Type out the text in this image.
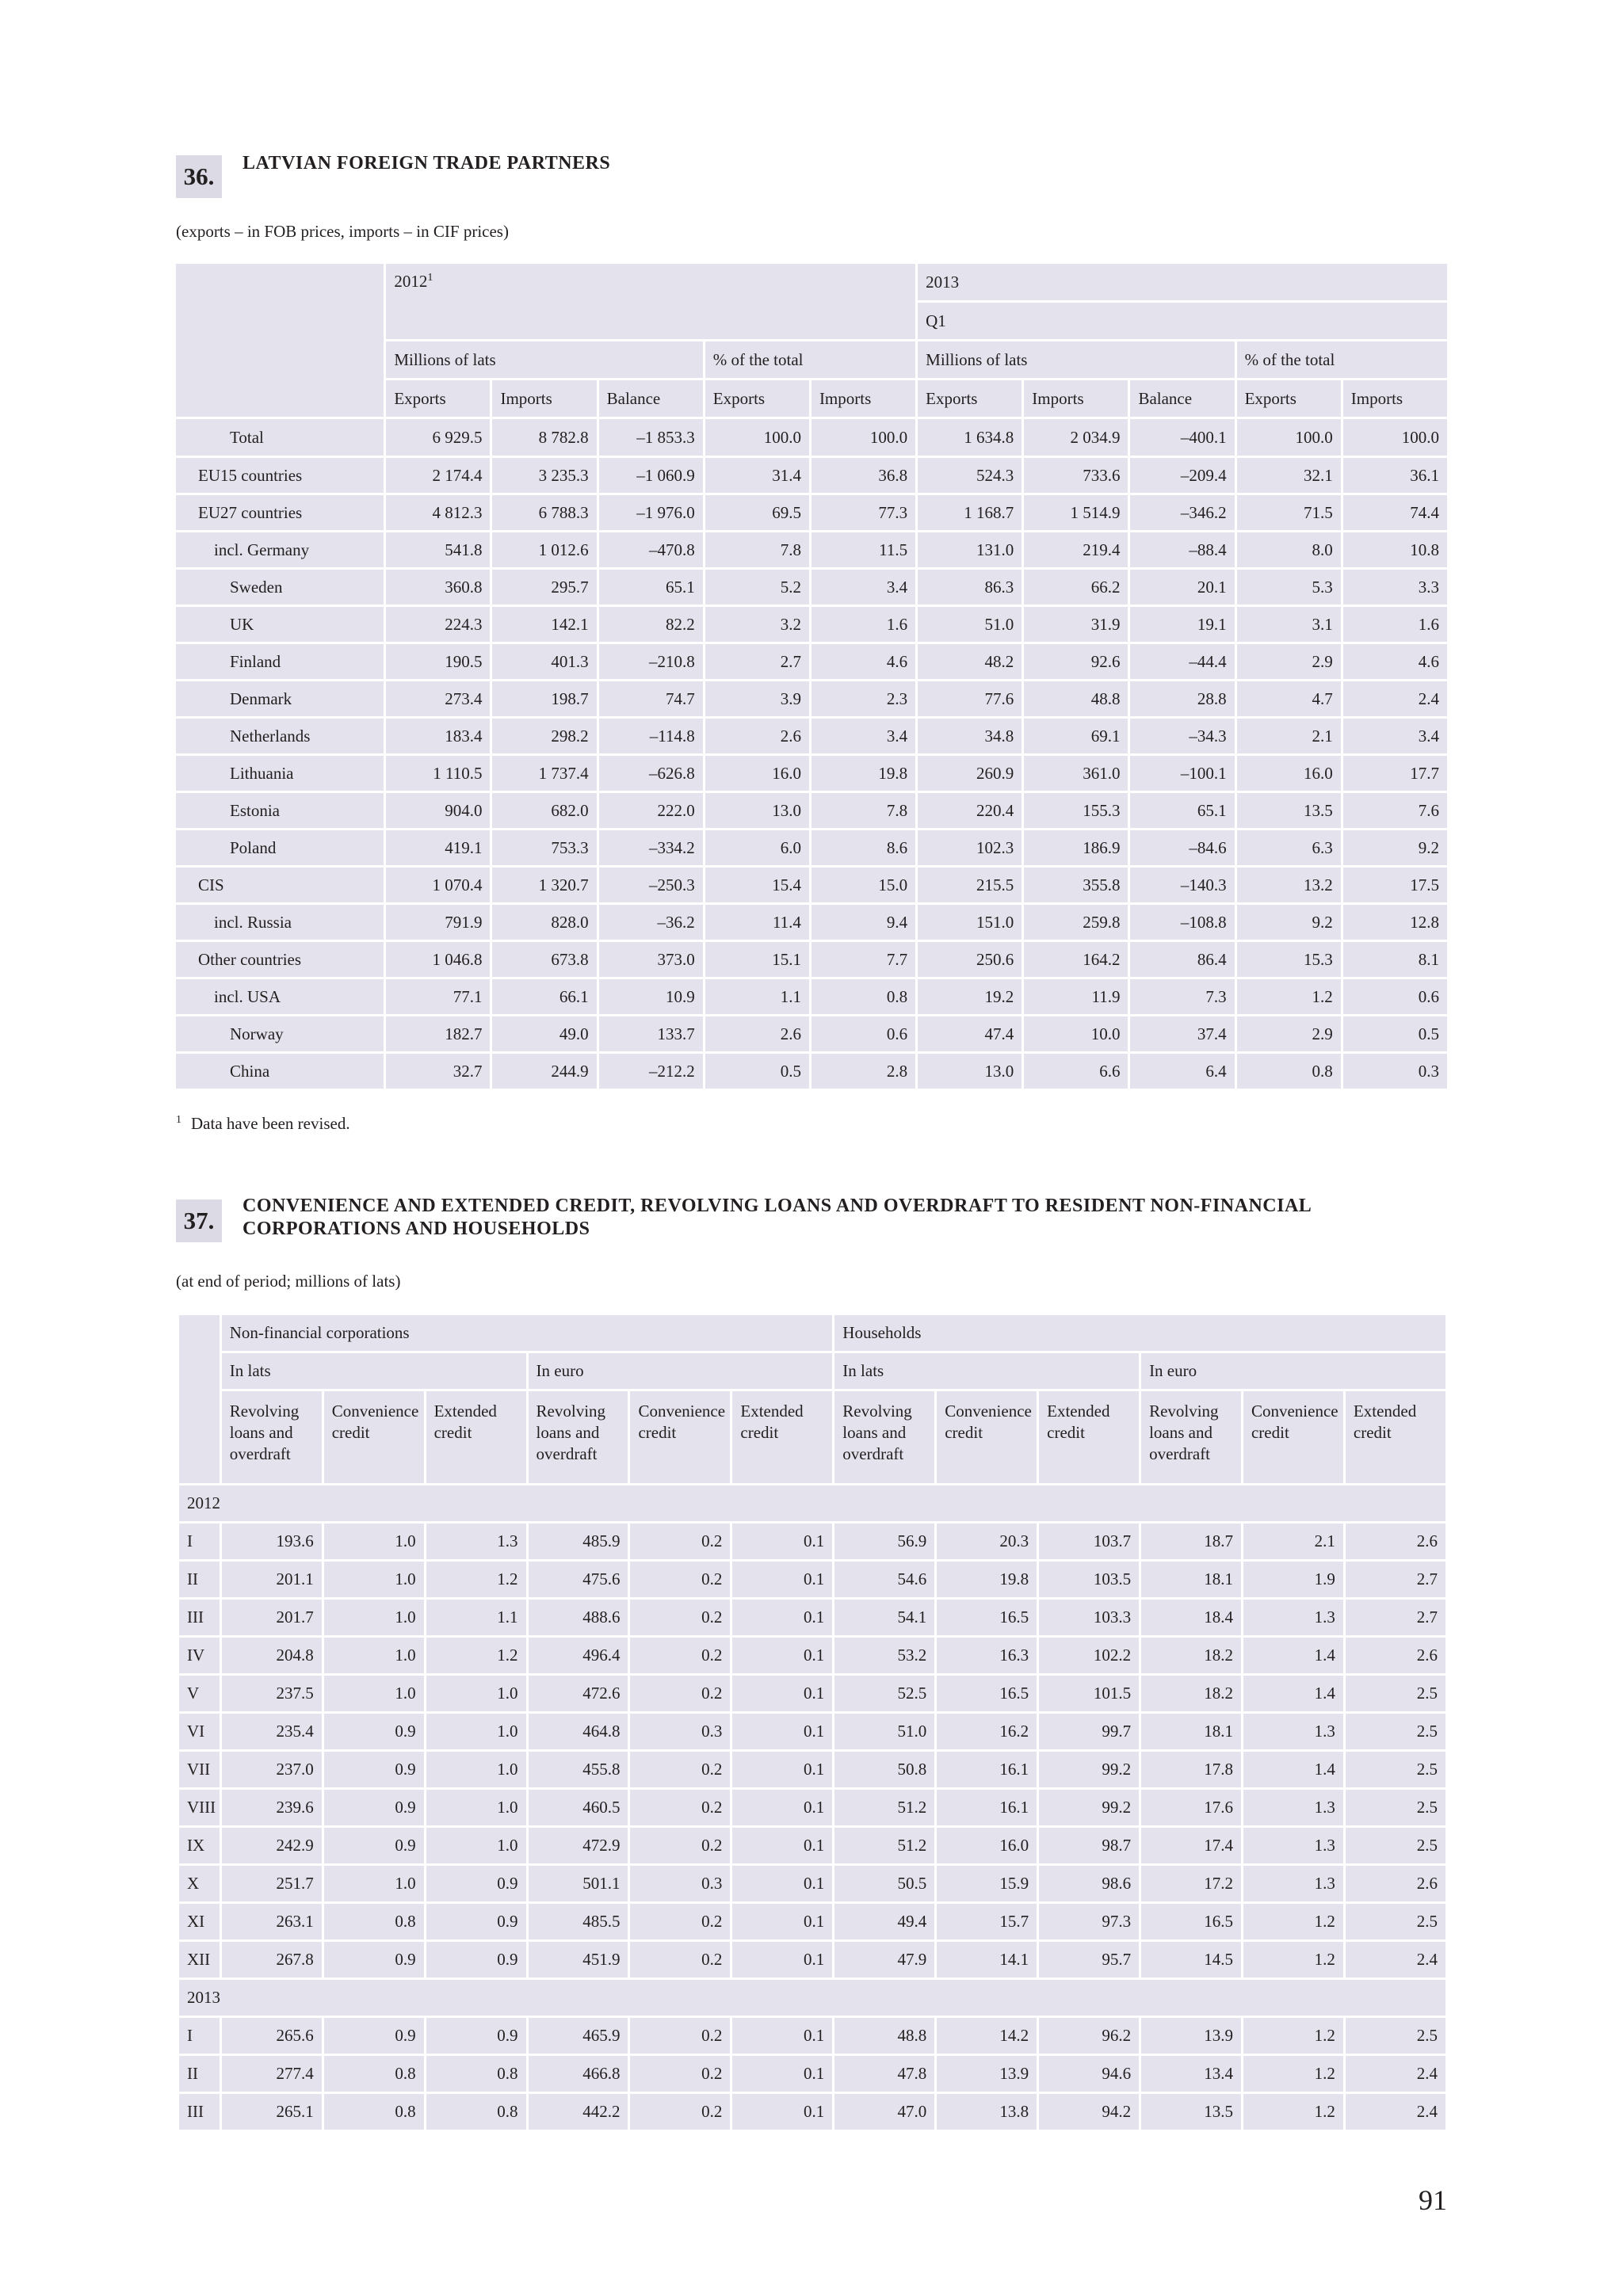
36.	LATVIAN FOREIGN TRADE PARTNERS
(exports – in FOB prices, imports – in CIF prices)
	2012$^1$					2013				
						Q1				
	Millions of lats			% of the total		Millions of lats			% of the total	
	Exports	Imports	Balance	Exports	Imports	Exports	Imports	Balance	Exports	Imports
Total	6 929.5	8 782.8	–1 853.3	100.0	100.0	1 634.8	2 034.9	–400.1	100.0	100.0
EU15 countries	2 174.4	3 235.3	–1 060.9	31.4	36.8	524.3	733.6	–209.4	32.1	36.1
EU27 countries	4 812.3	6 788.3	–1 976.0	69.5	77.3	1 168.7	1 514.9	–346.2	71.5	74.4
incl. Germany	541.8	1 012.6	–470.8	7.8	11.5	131.0	219.4	–88.4	8.0	10.8
Sweden	360.8	295.7	65.1	5.2	3.4	86.3	66.2	20.1	5.3	3.3
UK	224.3	142.1	82.2	3.2	1.6	51.0	31.9	19.1	3.1	1.6
Finland	190.5	401.3	–210.8	2.7	4.6	48.2	92.6	–44.4	2.9	4.6
Denmark	273.4	198.7	74.7	3.9	2.3	77.6	48.8	28.8	4.7	2.4
Netherlands	183.4	298.2	–114.8	2.6	3.4	34.8	69.1	–34.3	2.1	3.4
Lithuania	1 110.5	1 737.4	–626.8	16.0	19.8	260.9	361.0	–100.1	16.0	17.7
Estonia	904.0	682.0	222.0	13.0	7.8	220.4	155.3	65.1	13.5	7.6
Poland	419.1	753.3	–334.2	6.0	8.6	102.3	186.9	–84.6	6.3	9.2
CIS	1 070.4	1 320.7	–250.3	15.4	15.0	215.5	355.8	–140.3	13.2	17.5
incl. Russia	791.9	828.0	–36.2	11.4	9.4	151.0	259.8	–108.8	9.2	12.8
Other countries	1 046.8	673.8	373.0	15.1	7.7	250.6	164.2	86.4	15.3	8.1
incl. USA	77.1	66.1	10.9	1.1	0.8	19.2	11.9	7.3	1.2	0.6
Norway	182.7	49.0	133.7	2.6	0.6	47.4	10.0	37.4	2.9	0.5
China	32.7	244.9	–212.2	0.5	2.8	13.0	6.6	6.4	0.8	0.3
$^1$ Data have been revised.
37.
CONVENIENCE AND EXTENDED CREDIT, REVOLVING LOANS AND OVERDRAFT TO RESIDENT NON-FINANCIAL
CORPORATIONS AND HOUSEHOLDS
(at end of period; millions of lats)
	Non-financial corporations						Households					
	In lats			In euro			In lats			In euro		
	Revolving loans and overdraft	Convenience credit	Extended credit	Revolving loans and overdraft	Convenience credit	Extended credit	Revolving loans and overdraft	Convenience credit	Extended credit	Revolving loans and overdraft	Convenience credit	Extended credit
2012												
I	193.6	1.0	1.3	485.9	0.2	0.1	56.9	20.3	103.7	18.7	2.1	2.6
II	201.1	1.0	1.2	475.6	0.2	0.1	54.6	19.8	103.5	18.1	1.9	2.7
III	201.7	1.0	1.1	488.6	0.2	0.1	54.1	16.5	103.3	18.4	1.3	2.7
IV	204.8	1.0	1.2	496.4	0.2	0.1	53.2	16.3	102.2	18.2	1.4	2.6
V	237.5	1.0	1.0	472.6	0.2	0.1	52.5	16.5	101.5	18.2	1.4	2.5
VI	235.4	0.9	1.0	464.8	0.3	0.1	51.0	16.2	99.7	18.1	1.3	2.5
VII	237.0	0.9	1.0	455.8	0.2	0.1	50.8	16.1	99.2	17.8	1.4	2.5
VIII	239.6	0.9	1.0	460.5	0.2	0.1	51.2	16.1	99.2	17.6	1.3	2.5
IX	242.9	0.9	1.0	472.9	0.2	0.1	51.2	16.0	98.7	17.4	1.3	2.5
X	251.7	1.0	0.9	501.1	0.3	0.1	50.5	15.9	98.6	17.2	1.3	2.6
XI	263.1	0.8	0.9	485.5	0.2	0.1	49.4	15.7	97.3	16.5	1.2	2.5
XII	267.8	0.9	0.9	451.9	0.2	0.1	47.9	14.1	95.7	14.5	1.2	2.4
2013												
I	265.6	0.9	0.9	465.9	0.2	0.1	48.8	14.2	96.2	13.9	1.2	2.5
II	277.4	0.8	0.8	466.8	0.2	0.1	47.8	13.9	94.6	13.4	1.2	2.4
III	265.1	0.8	0.8	442.2	0.2	0.1	47.0	13.8	94.2	13.5	1.2	2.4
91
